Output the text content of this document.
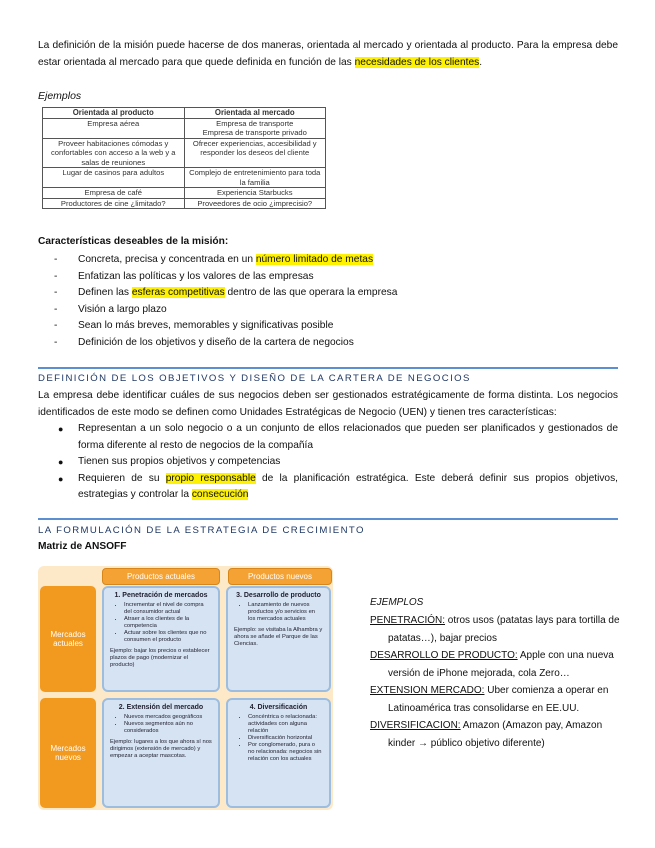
La definición de la misión puede hacerse de dos maneras, orientada al mercado y orientada al producto. Para la empresa debe estar orientada al mercado para que quede definida en función de las necesidades de los clientes.
Ejemplos
Orientada al producto	Orientada al mercado
Empresa aérea	Empresa de transporte
Empresa de transporte privado
Proveer habitaciones cómodas y confortables con acceso a la web y a salas de reuniones	Ofrecer experiencias, accesibilidad y responder los deseos del cliente
Lugar de casinos para adultos	Complejo de entretenimiento para toda la familia
Empresa de café	Experiencia Starbucks
Productores de cine ¿limitado?	Proveedores de ocio ¿imprecisio?
Características deseables de la misión:
- Concreta, precisa y concentrada en un número limitado de metas
- Enfatizan las políticas y los valores de las empresas
- Definen las esferas competitivas dentro de las que operara la empresa
- Visión a largo plazo
- Sean lo más breves, memorables y significativas posible
- Definición de los objetivos y diseño de la cartera de negocios
DEFINICIÓN DE LOS OBJETIVOS Y DISEÑO DE LA CARTERA DE NEGOCIOS
La empresa debe identificar cuáles de sus negocios deben ser gestionados estratégicamente de forma distinta. Los negocios identificados de este modo se definen como Unidades Estratégicas de Negocio (UEN) y tienen tres características:
● Representan a un solo negocio o a un conjunto de ellos relacionados que pueden ser planificados y gestionados de forma diferente al resto de negocios de la compañía
● Tienen sus propios objetivos y competencias
● Requieren de su propio responsable de la planificación estratégica. Este deberá definir sus propios objetivos, estrategias y controlar la consecución
LA FORMULACIÓN DE LA ESTRATEGIA DE CRECIMIENTO
Matriz de ANSOFF
Productos actuales	Productos nuevos
Mercados actuales
Mercados nuevos
1. Penetración de mercados
• Incrementar el nivel de compra del consumidor actual
• Atraer a los clientes de la competencia
• Actuar sobre los clientes que no consumen el producto
Ejemplo: bajar los precios o establecer plazos de pago (modernizar el producto)
3. Desarrollo de producto
• Lanzamiento de nuevos productos y/o servicios en los mercados actuales
Ejemplo: se visitaba la Alhambra y ahora se añade el Parque de las Ciencias.
2. Extensión del mercado
• Nuevos mercados geográficos
• Nuevos segmentos aún no considerados
Ejemplo: lugares a los que ahora sí nos dirigimos (extensión de mercado) y empezar a aceptar mascotas.
4. Diversificación
• Concéntrica o relacionada: actividades con alguna relación
• Diversificación horizontal
• Por conglomerado, pura o no relacionada: negocios sin relación con los actuales
EJEMPLOS
PENETRACIÓN: otros usos (patatas lays para tortilla de patatas…), bajar precios
DESARROLLO DE PRODUCTO: Apple con una nueva versión de iPhone mejorada, cola Zero…
EXTENSION MERCADO: Uber comienza a operar en Latinoamérica tras consolidarse en EE.UU.
DIVERSIFICACION: Amazon (Amazon pay, Amazon kinder → público objetivo diferente)
